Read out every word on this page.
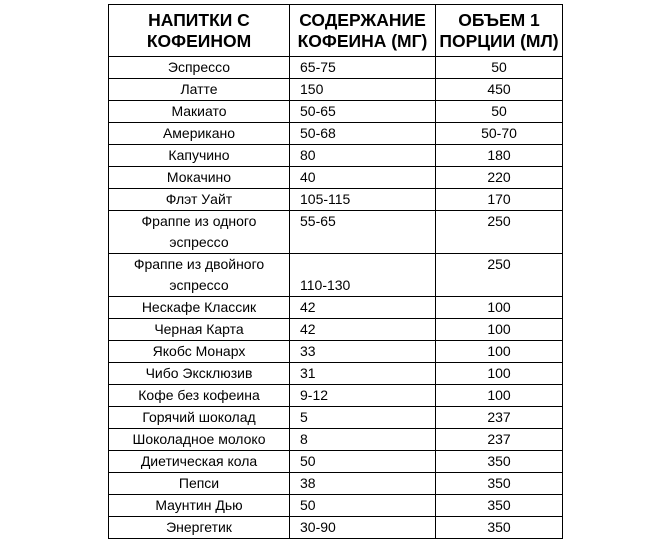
НАПИТКИ С КОФЕИНОМ	СОДЕРЖАНИЕ КОФЕИНА (МГ)	ОБЪЕМ 1 ПОРЦИИ (МЛ)
Эспрессо	65-75	50
Латте	150	450
Макиато	50-65	50
Американо	50-68	50-70
Капучино	80	180
Мокачино	40	220
Флэт Уайт	105-115	170
Фраппе из одного эспрессо	55-65	250
Фраппе из двойного эспрессо	110-130	250
Нескафе Классик	42	100
Черная Карта	42	100
Якобс Монарх	33	100
Чибо Эксклюзив	31	100
Кофе без кофеина	9-12	100
Горячий шоколад	5	237
Шоколадное молоко	8	237
Диетическая кола	50	350
Пепси	38	350
Маунтин Дью	50	350
Энергетик	30-90	350
